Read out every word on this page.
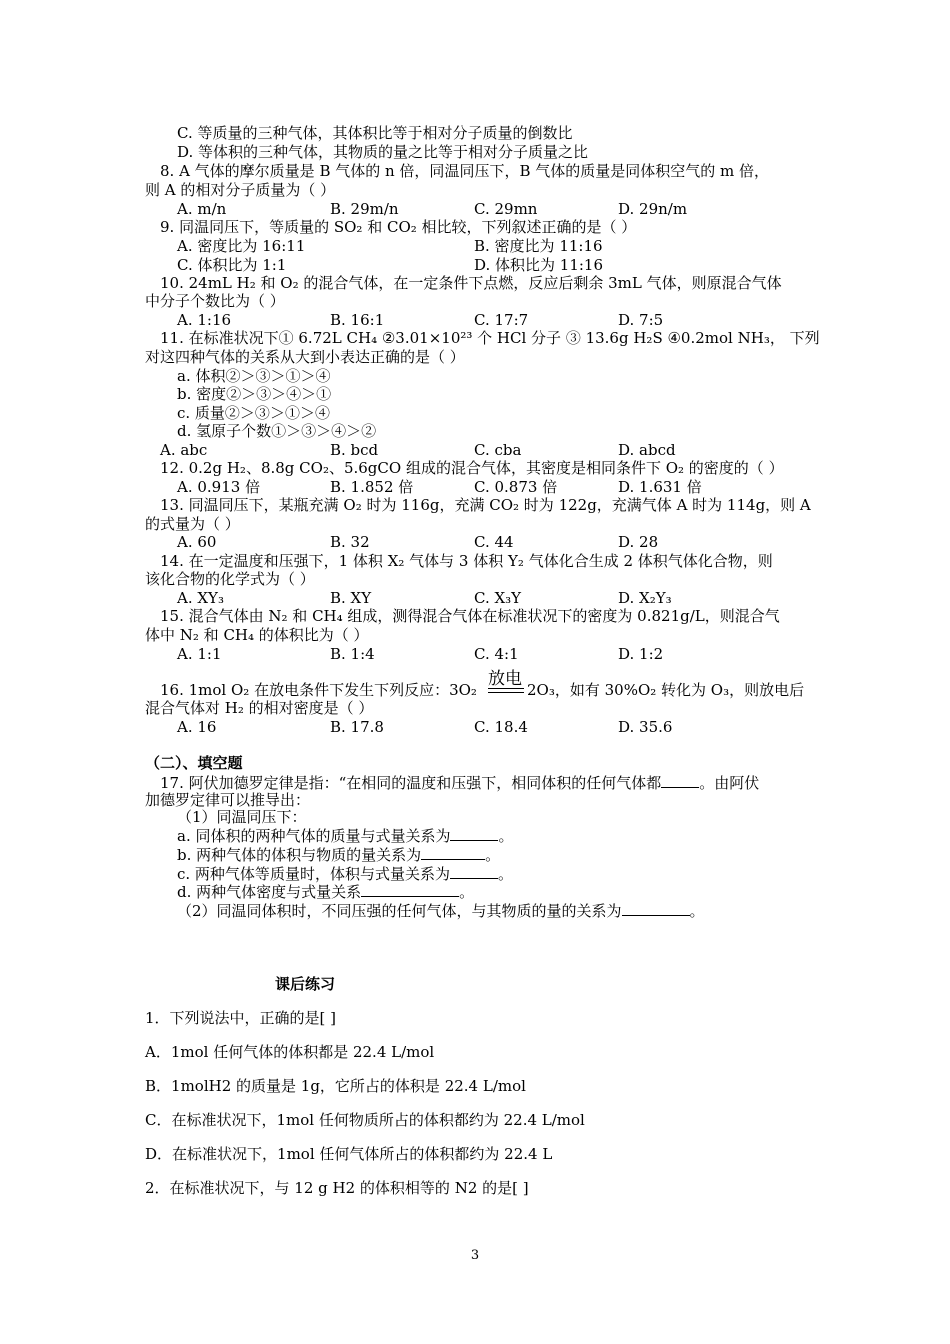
C. 等质量的三种气体，其体积比等于相对分子质量的倒数比
D. 等体积的三种气体，其物质的量之比等于相对分子质量之比
8. A 气体的摩尔质量是 B 气体的 n 倍，同温同压下，B 气体的质量是同体积空气的 m 倍，
则 A 的相对分子质量为（ ）
A. m/n	B. 29m/n	C. 29mn	D. 29n/m
9. 同温同压下，等质量的 SO₂ 和 CO₂ 相比较，下列叙述正确的是（ ）
A. 密度比为 16:11	B. 密度比为 11:16
C. 体积比为 1:1	D. 体积比为 11:16
10. 24mL H₂ 和 O₂ 的混合气体，在一定条件下点燃，反应后剩余 3mL 气体，则原混合气体
中分子个数比为（ ）
A. 1:16	B. 16:1	C. 17:7	D. 7:5
11. 在标准状况下① 6.72L CH₄ ②3.01×10²³ 个 HCl 分子 ③ 13.6g H₂S ④0.2mol NH₃， 下列
对这四种气体的关系从大到小表达正确的是（ ）
a. 体积②＞③＞①＞④
b. 密度②＞③＞④＞①
c. 质量②＞③＞①＞④
d. 氢原子个数①＞③＞④＞②
A. abc	B. bcd	C. cba	D. abcd
12. 0.2g H₂、8.8g CO₂、5.6gCO 组成的混合气体，其密度是相同条件下 O₂ 的密度的（ ）
A. 0.913 倍	B. 1.852 倍	C. 0.873 倍	D. 1.631 倍
13. 同温同压下，某瓶充满 O₂ 时为 116g，充满 CO₂ 时为 122g，充满气体 A 时为 114g，则 A
的式量为（ ）
A. 60	B. 32	C. 44	D. 28
14. 在一定温度和压强下，1 体积 X₂ 气体与 3 体积 Y₂ 气体化合生成 2 体积气体化合物，则
该化合物的化学式为（ ）
A. XY₃	B. XY	C. X₃Y	D. X₂Y₃
15. 混合气体由 N₂ 和 CH₄ 组成，测得混合气体在标准状况下的密度为 0.821g/L，则混合气
体中 N₂ 和 CH₄ 的体积比为（ ）
A. 1:1	B. 1:4	C. 4:1	D. 1:2
放电
16. 1mol O₂ 在放电条件下发生下列反应：3O₂	2O₃，如有 30%O₂ 转化为 O₃，则放电后
混合气体对 H₂ 的相对密度是（ ）
A. 16	B. 17.8	C. 18.4	D. 35.6
（二）、填空题
17. 阿伏加德罗定律是指：“在相同的温度和压强下，相同体积的任何气体都	。由阿伏
加德罗定律可以推导出：
（1）同温同压下：
a. 同体积的两种气体的质量与式量关系为	。
b. 两种气体的体积与物质的量关系为	。
c. 两种气体等质量时，体积与式量关系为	。
d. 两种气体密度与式量关系	。
（2）同温同体积时，不同压强的任何气体，与其物质的量的关系为	。
课后练习
1．下列说法中，正确的是[ ]
A．1mol 任何气体的体积都是 22.4 L/mol
B．1molH2 的质量是 1g，它所占的体积是 22.4 L/mol
C．在标准状况下，1mol 任何物质所占的体积都约为 22.4 L/mol
D．在标准状况下，1mol 任何气体所占的体积都约为 22.4 L
2．在标准状况下，与 12 g H2 的体积相等的 N2 的是[ ]
3
